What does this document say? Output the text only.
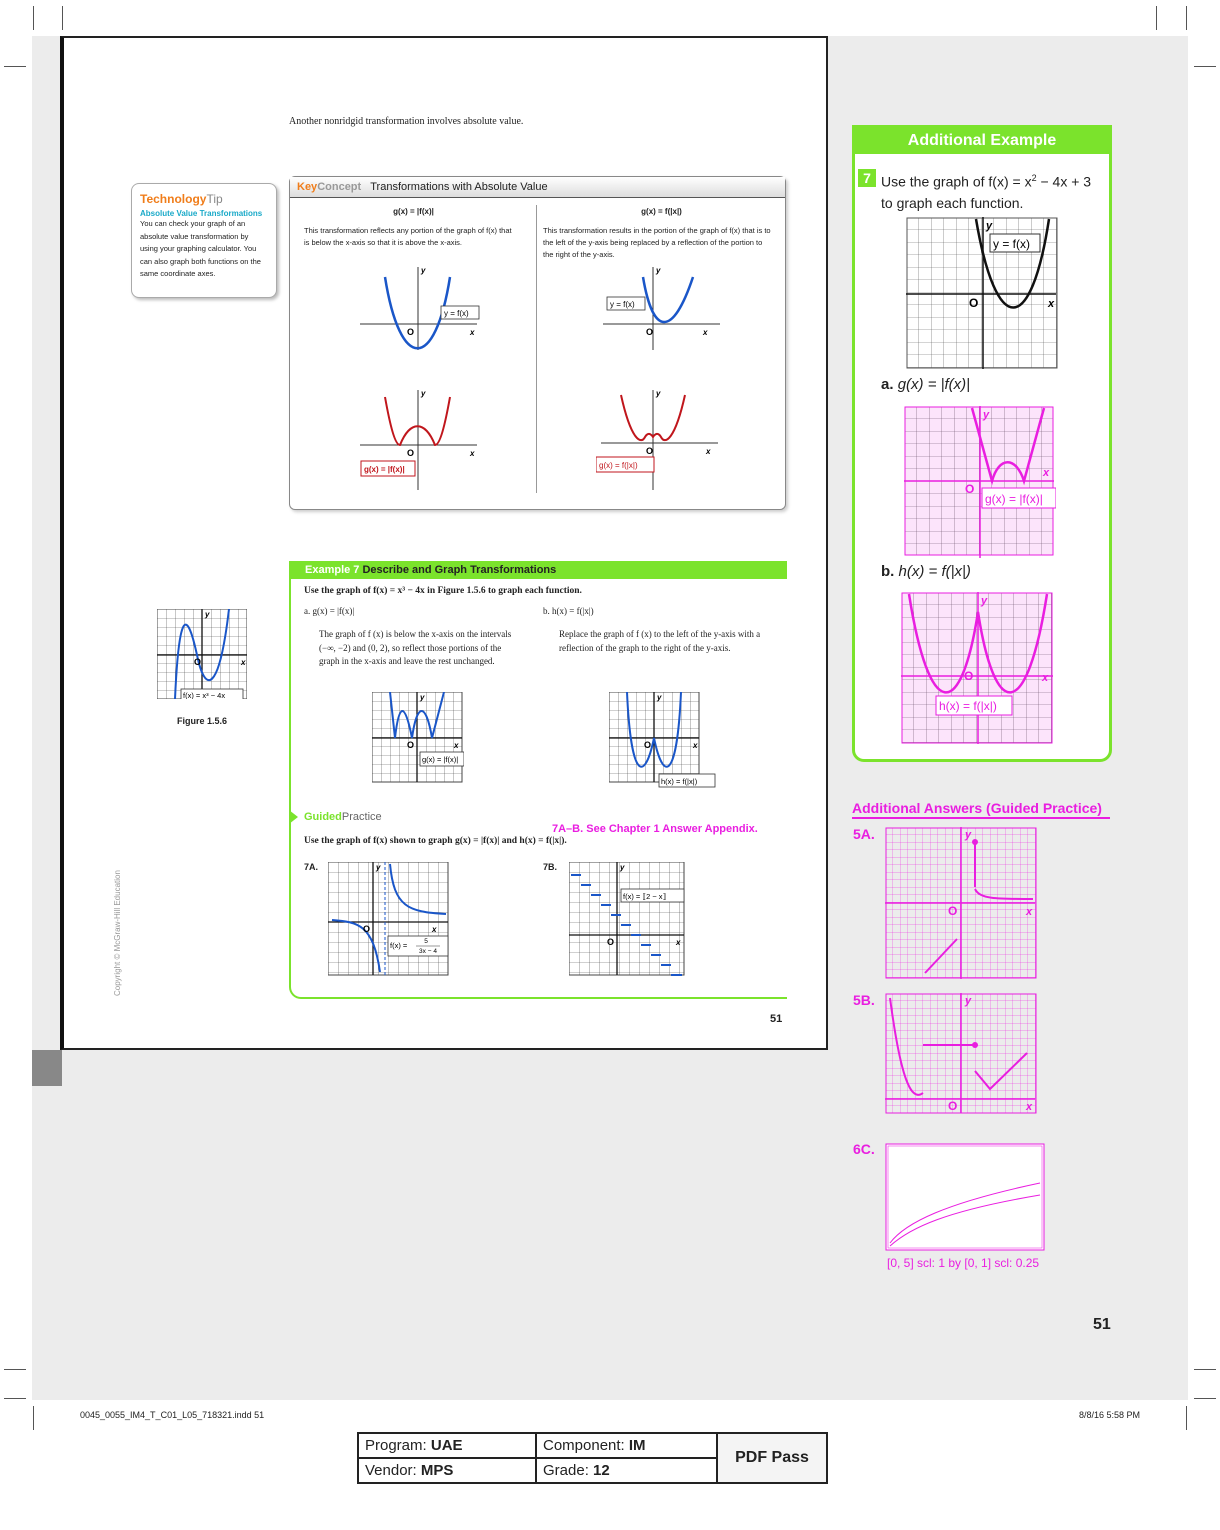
Another nonridgid transformation involves absolute value.
TechnologyTip
Absolute Value Transformations
You can check your graph of an absolute value transformation by using your graphing calculator. You can also graph both functions on the same coordinate axes.
KeyConcept Transformations with Absolute Value
g(x) = |f(x)|
This transformation reflects any portion of the graph of f(x) that is below the x-axis so that it is above the x-axis.
g(x) = f(|x|)
This transformation results in the portion of the graph of f(x) that is to the left of the y-axis being replaced by a reflection of the portion to the right of the y-axis.
y
x
O
y = f(x)
y
x
O
y = f(x)
y
x
O
g(x) = |f(x)|
y
x
O
g(x) = f(|x|)
Example 7 Describe and Graph Transformations
Use the graph of f(x) = x³ − 4x in Figure 1.5.6 to graph each function.
a. g(x) = |f(x)|
The graph of f (x) is below the x-axis on the intervals (−∞, −2) and (0, 2), so reflect those portions of the graph in the x-axis and leave the rest unchanged.
b. h(x) = f(|x|)
Replace the graph of f (x) to the left of the y-axis with a reflection of the graph to the right of the y-axis.
y
x
O
f(x) = x³ − 4x
Figure 1.5.6
y
x
O
g(x) = |f(x)|
y
x
O
h(x) = f(|x|)
GuidedPractice
7A–B. See Chapter 1 Answer Appendix.
Use the graph of f(x) shown to graph g(x) = |f(x)| and h(x) = f(|x|).
7A.	7B.
y
x
O
f(x) =	5
3x − 4
y
x
O
f(x) = ⟦2 − x⟧
Copyright © McGraw-Hill Education
51
Additional Example
7 Use the graph of $f(x) = x^2 - 4x + 3$ to graph each function.
y
x
O
y = f(x)
a. g(x) = |f(x)|
y
x
O
g(x) = |f(x)|
b. h(x) = f(|x|)
y
x
O
h(x) = f(|x|)
Additional Answers (Guided Practice)
5A.
5B.
6C.
y
x
O
y
x
O
[0, 5] scl: 1 by [0, 1] scl: 0.25
51
0045_0055_IM4_T_C01_L05_718321.indd 51	8/8/16 5:58 PM
Program: UAE	Component: IM	PDF Pass
Vendor: MPS	Grade: 12	
